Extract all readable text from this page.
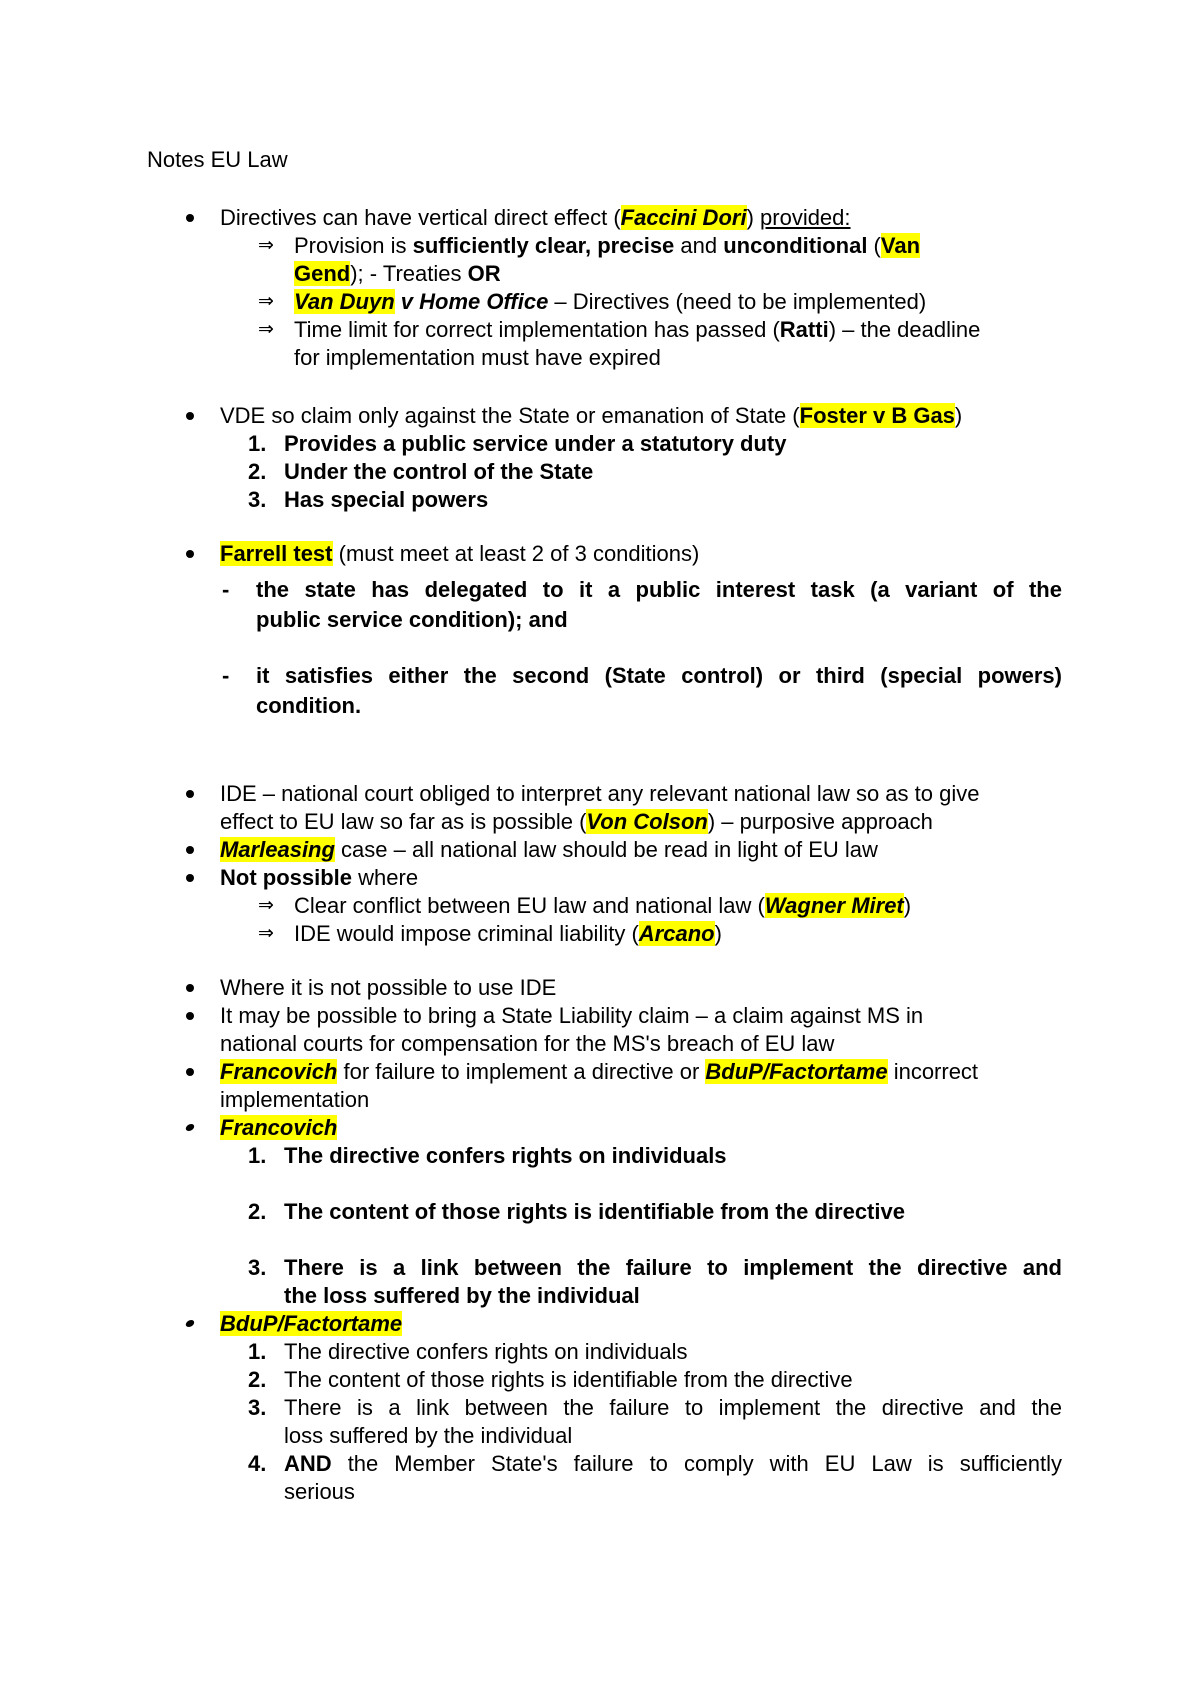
Notes EU Law
Directives can have vertical direct effect (Faccini Dori) provided:
⇒ Provision is sufficiently clear, precise and unconditional (Van
Gend); - Treaties OR
⇒ Van Duyn v Home Office – Directives (need to be implemented)
⇒ Time limit for correct implementation has passed (Ratti) – the deadline
for implementation must have expired
VDE so claim only against the State or emanation of State (Foster v B Gas)
1. Provides a public service under a statutory duty
2. Under the control of the State
3. Has special powers
Farrell test (must meet at least 2 of 3 conditions)
- the state has delegated to it a public interest task (a variant of the
public service condition); and
- it satisfies either the second (State control) or third (special powers)
condition.
IDE – national court obliged to interpret any relevant national law so as to give
effect to EU law so far as is possible (Von Colson) – purposive approach
Marleasing case – all national law should be read in light of EU law
Not possible where
⇒ Clear conflict between EU law and national law (Wagner Miret)
⇒ IDE would impose criminal liability (Arcano)
Where it is not possible to use IDE
It may be possible to bring a State Liability claim – a claim against MS in
national courts for compensation for the MS's breach of EU law
Francovich for failure to implement a directive or BduP/Factortame incorrect
implementation
Francovich
1. The directive confers rights on individuals
2. The content of those rights is identifiable from the directive
3. There is a link between the failure to implement the directive and
the loss suffered by the individual
BduP/Factortame
1. The directive confers rights on individuals
2. The content of those rights is identifiable from the directive
3. There is a link between the failure to implement the directive and the
loss suffered by the individual
4. AND the Member State's failure to comply with EU Law is sufficiently
serious
